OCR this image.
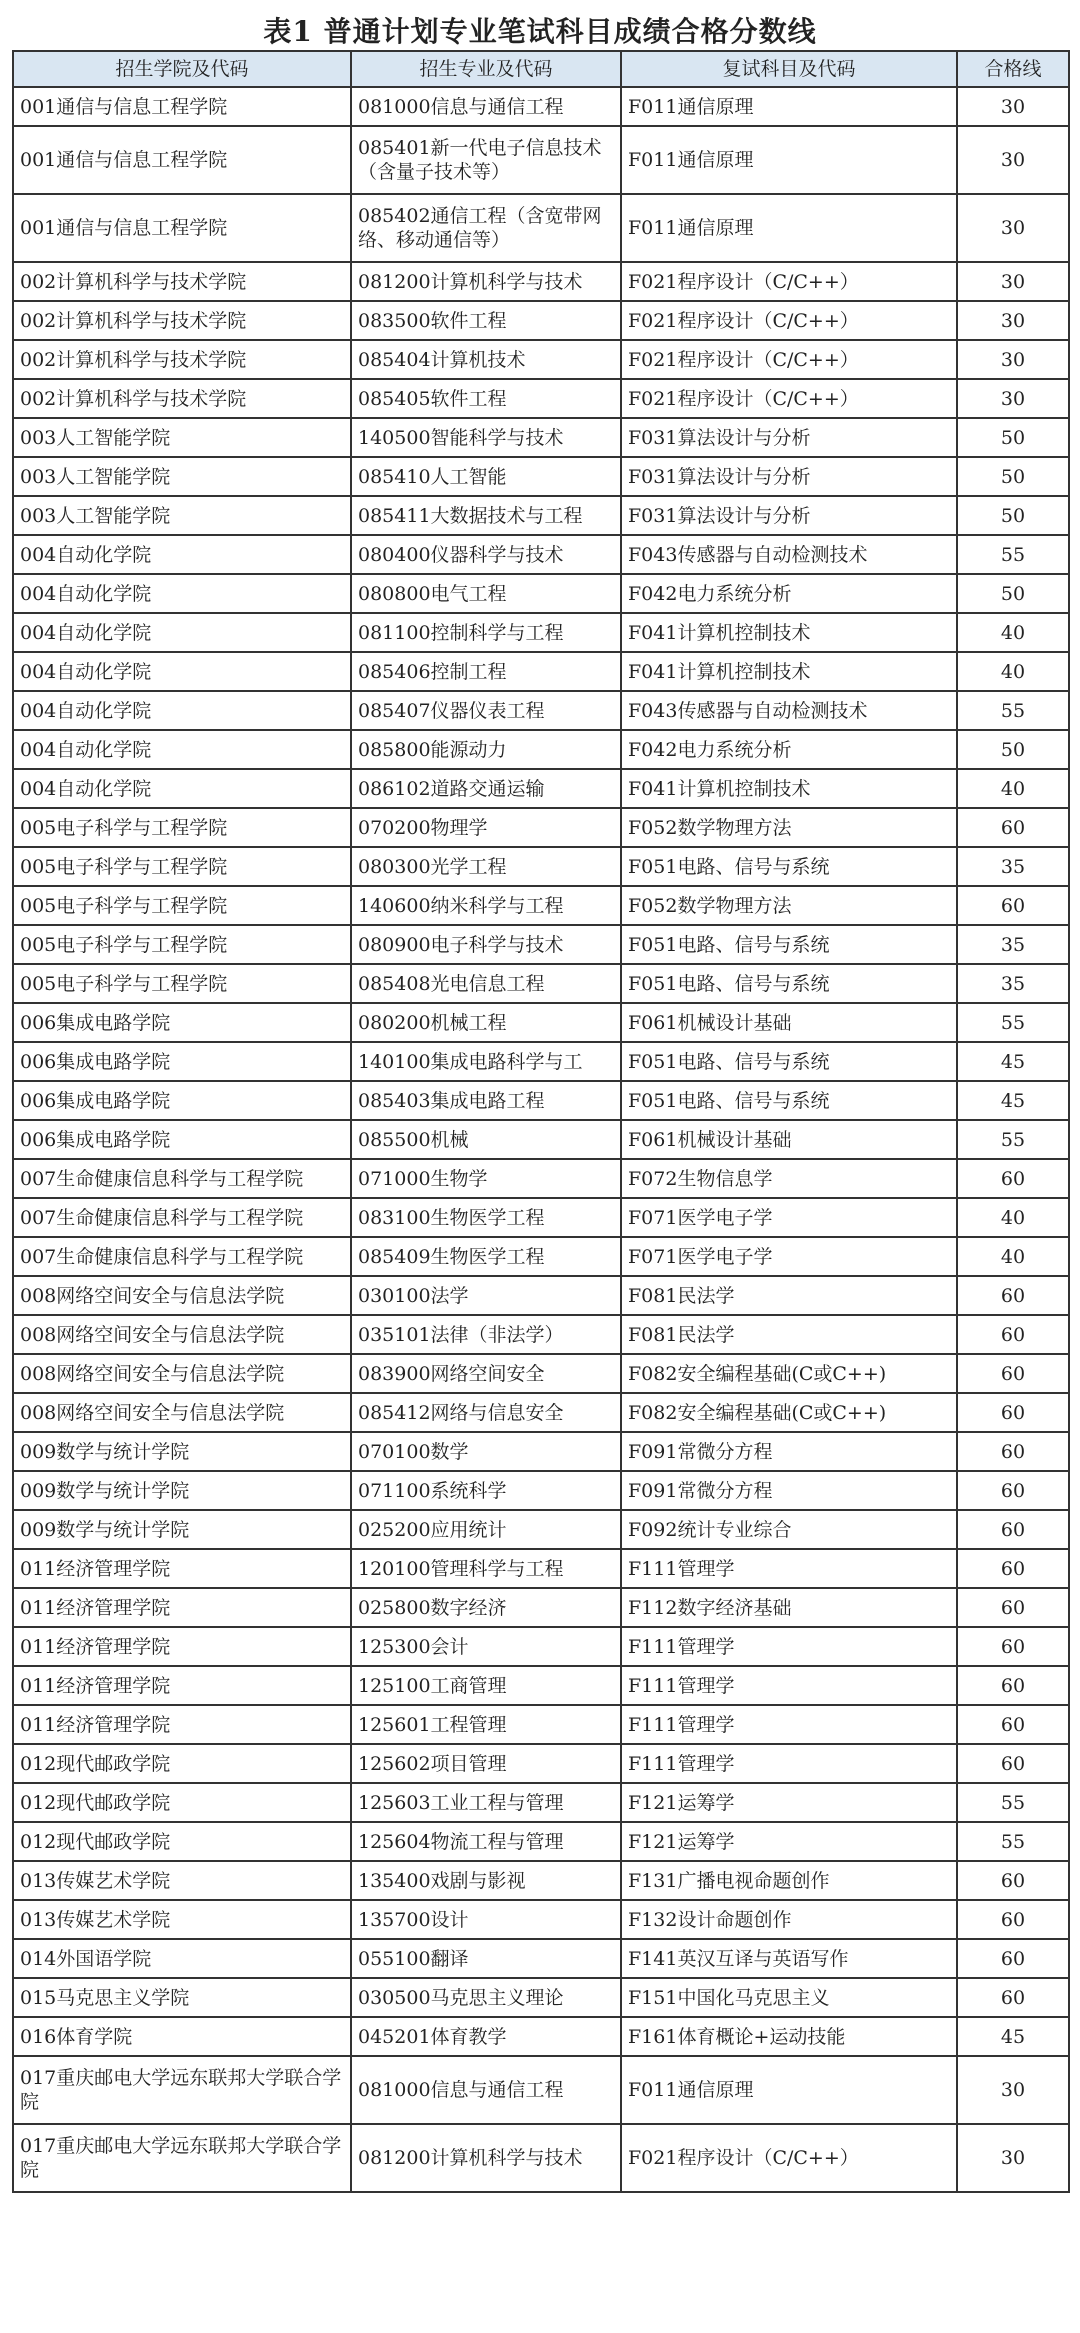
表1 普通计划专业笔试科目成绩合格分数线
招生学院及代码	招生专业及代码	复试科目及代码	合格线
001通信与信息工程学院	081000信息与通信工程	F011通信原理	30
001通信与信息工程学院	085401新一代电子信息技术（含量子技术等）	F011通信原理	30
001通信与信息工程学院	085402通信工程（含宽带网络、移动通信等）	F011通信原理	30
002计算机科学与技术学院	081200计算机科学与技术	F021程序设计（C/C++）	30
002计算机科学与技术学院	083500软件工程	F021程序设计（C/C++）	30
002计算机科学与技术学院	085404计算机技术	F021程序设计（C/C++）	30
002计算机科学与技术学院	085405软件工程	F021程序设计（C/C++）	30
003人工智能学院	140500智能科学与技术	F031算法设计与分析	50
003人工智能学院	085410人工智能	F031算法设计与分析	50
003人工智能学院	085411大数据技术与工程	F031算法设计与分析	50
004自动化学院	080400仪器科学与技术	F043传感器与自动检测技术	55
004自动化学院	080800电气工程	F042电力系统分析	50
004自动化学院	081100控制科学与工程	F041计算机控制技术	40
004自动化学院	085406控制工程	F041计算机控制技术	40
004自动化学院	085407仪器仪表工程	F043传感器与自动检测技术	55
004自动化学院	085800能源动力	F042电力系统分析	50
004自动化学院	086102道路交通运输	F041计算机控制技术	40
005电子科学与工程学院	070200物理学	F052数学物理方法	60
005电子科学与工程学院	080300光学工程	F051电路、信号与系统	35
005电子科学与工程学院	140600纳米科学与工程	F052数学物理方法	60
005电子科学与工程学院	080900电子科学与技术	F051电路、信号与系统	35
005电子科学与工程学院	085408光电信息工程	F051电路、信号与系统	35
006集成电路学院	080200机械工程	F061机械设计基础	55
006集成电路学院	140100集成电路科学与工	F051电路、信号与系统	45
006集成电路学院	085403集成电路工程	F051电路、信号与系统	45
006集成电路学院	085500机械	F061机械设计基础	55
007生命健康信息科学与工程学院	071000生物学	F072生物信息学	60
007生命健康信息科学与工程学院	083100生物医学工程	F071医学电子学	40
007生命健康信息科学与工程学院	085409生物医学工程	F071医学电子学	40
008网络空间安全与信息法学院	030100法学	F081民法学	60
008网络空间安全与信息法学院	035101法律（非法学）	F081民法学	60
008网络空间安全与信息法学院	083900网络空间安全	F082安全编程基础(C或C++)	60
008网络空间安全与信息法学院	085412网络与信息安全	F082安全编程基础(C或C++)	60
009数学与统计学院	070100数学	F091常微分方程	60
009数学与统计学院	071100系统科学	F091常微分方程	60
009数学与统计学院	025200应用统计	F092统计专业综合	60
011经济管理学院	120100管理科学与工程	F111管理学	60
011经济管理学院	025800数字经济	F112数字经济基础	60
011经济管理学院	125300会计	F111管理学	60
011经济管理学院	125100工商管理	F111管理学	60
011经济管理学院	125601工程管理	F111管理学	60
012现代邮政学院	125602项目管理	F111管理学	60
012现代邮政学院	125603工业工程与管理	F121运筹学	55
012现代邮政学院	125604物流工程与管理	F121运筹学	55
013传媒艺术学院	135400戏剧与影视	F131广播电视命题创作	60
013传媒艺术学院	135700设计	F132设计命题创作	60
014外国语学院	055100翻译	F141英汉互译与英语写作	60
015马克思主义学院	030500马克思主义理论	F151中国化马克思主义	60
016体育学院	045201体育教学	F161体育概论+运动技能	45
017重庆邮电大学远东联邦大学联合学院	081000信息与通信工程	F011通信原理	30
017重庆邮电大学远东联邦大学联合学院	081200计算机科学与技术	F021程序设计（C/C++）	30
